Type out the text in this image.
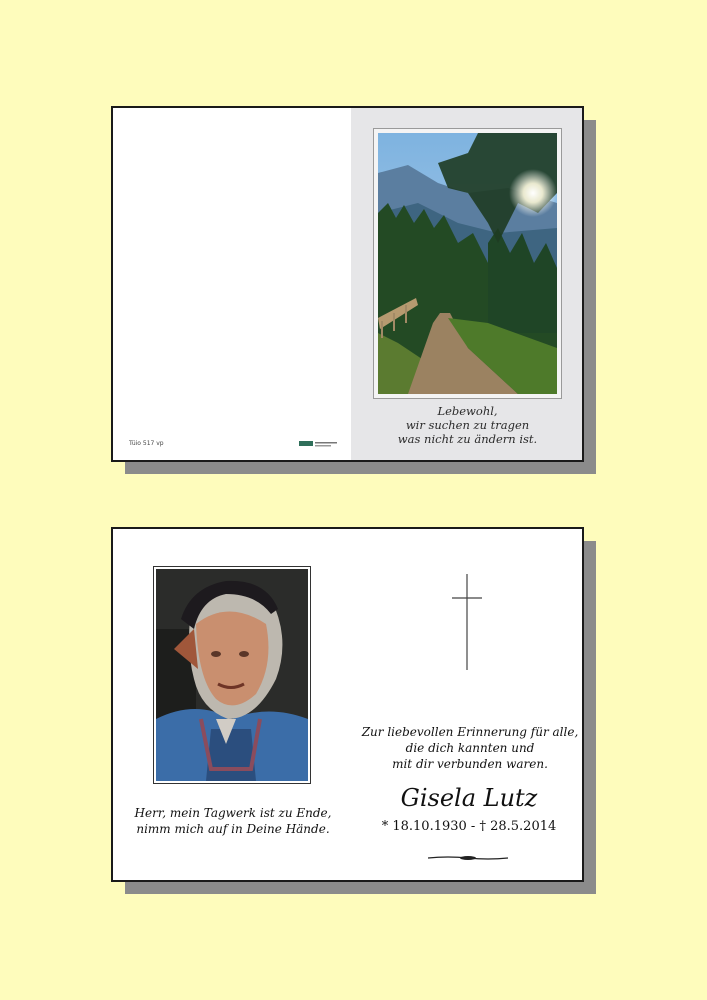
Tüio 517 vp
Lebewohl,
wir suchen zu tragen
was nicht zu ändern ist.
Herr, mein Tagwerk ist zu Ende,
nimm mich auf in Deine Hände.
Zur liebevollen Erinnerung für alle,
die dich kannten und
mit dir verbunden waren.
Gisela Lutz
* 18.10.1930 - † 28.5.2014
